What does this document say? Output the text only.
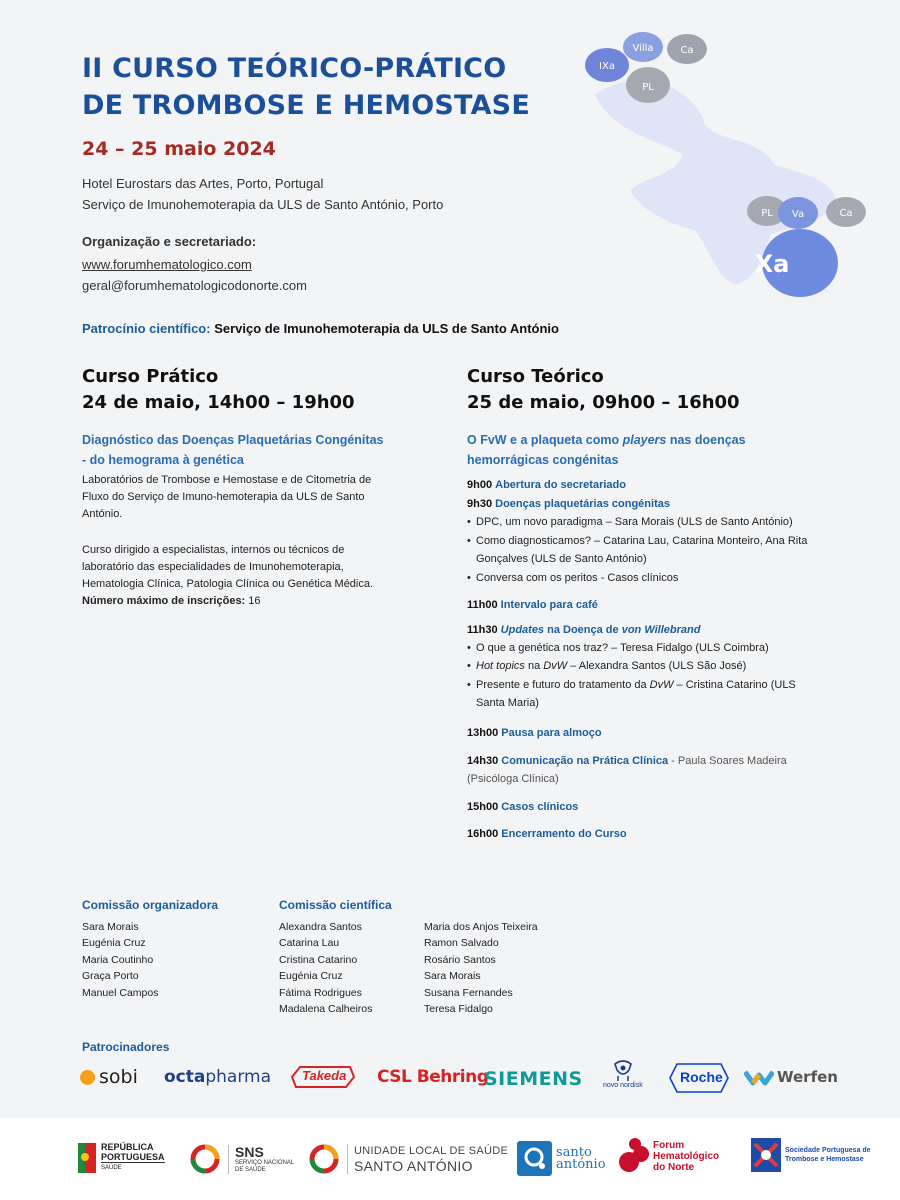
Villa	Ca
IXa
PL
PL Va	Ca
Xa
II CURSO TEÓRICO-PRÁTICO
DE TROMBOSE E HEMOSTASE
24 – 25 maio 2024
Hotel Eurostars das Artes, Porto, Portugal
Serviço de Imunohemoterapia da ULS de Santo António, Porto
Organização e secretariado:
www.forumhematologico.com
geral@forumhematologicodonorte.com
Patrocínio científico: Serviço de Imunohemoterapia da ULS de Santo António
Curso Prático
24 de maio, 14h00 – 19h00
Diagnóstico das Doenças Plaquetárias Congénitas
- do hemograma à genética
Laboratórios de Trombose e Hemostase e de Citometria de
Fluxo do Serviço de Imuno-hemoterapia da ULS de Santo
António.
Curso dirigido a especialistas, internos ou técnicos de
laboratório das especialidades de Imunohemoterapia,
Hematologia Clínica, Patologia Clínica ou Genética Médica.
Número máximo de inscrições: 16
Curso Teórico
25 de maio, 09h00 – 16h00
O FvW e a plaqueta como players nas doenças
hemorrágicas congénitas
9h00 Abertura do secretariado
9h30 Doenças plaquetárias congénitas
• DPC, um novo paradigma – Sara Morais (ULS de Santo António)
• Como diagnosticamos? – Catarina Lau, Catarina Monteiro, Ana Rita
Gonçalves (ULS de Santo António)
• Conversa com os peritos - Casos clínicos
11h00 Intervalo para café
11h30 Updates na Doença de von Willebrand
• O que a genética nos traz? – Teresa Fidalgo (ULS Coimbra)
• Hot topics na DvW – Alexandra Santos (ULS São José)
• Presente e futuro do tratamento da DvW – Cristina Catarino (ULS
Santa Maria)
13h00 Pausa para almoço
14h30 Comunicação na Prática Clínica - Paula Soares Madeira
(Psicóloga Clínica)
15h00 Casos clínicos
16h00 Encerramento do Curso
Comissão organizadora
Sara Morais
Eugénia Cruz
Maria Coutinho
Graça Porto
Manuel Campos
Comissão científica
Alexandra Santos
Catarina Lau
Cristina Catarino
Eugénia Cruz
Fátima Rodrigues
Madalena Calheiros
Maria dos Anjos Teixeira
Ramon Salvado
Rosário Santos
Sara Morais
Susana Fernandes
Teresa Fidalgo
Patrocinadores
sobi octa pharma Takeda CSL Behring
SIEMENS	novo nordisk
Roche	Werfen
REPÚBLICA
PORTUGUESA
SAÚDE
SNS
SERVIÇO NACIONAL
DE SAÚDE
UNIDADE LOCAL DE SAÚDE
SANTO ANTÓNIO
santo
antónio
Forum
Hematológico
do Norte
Sociedade Portuguesa de
Trombose e Hemostase
